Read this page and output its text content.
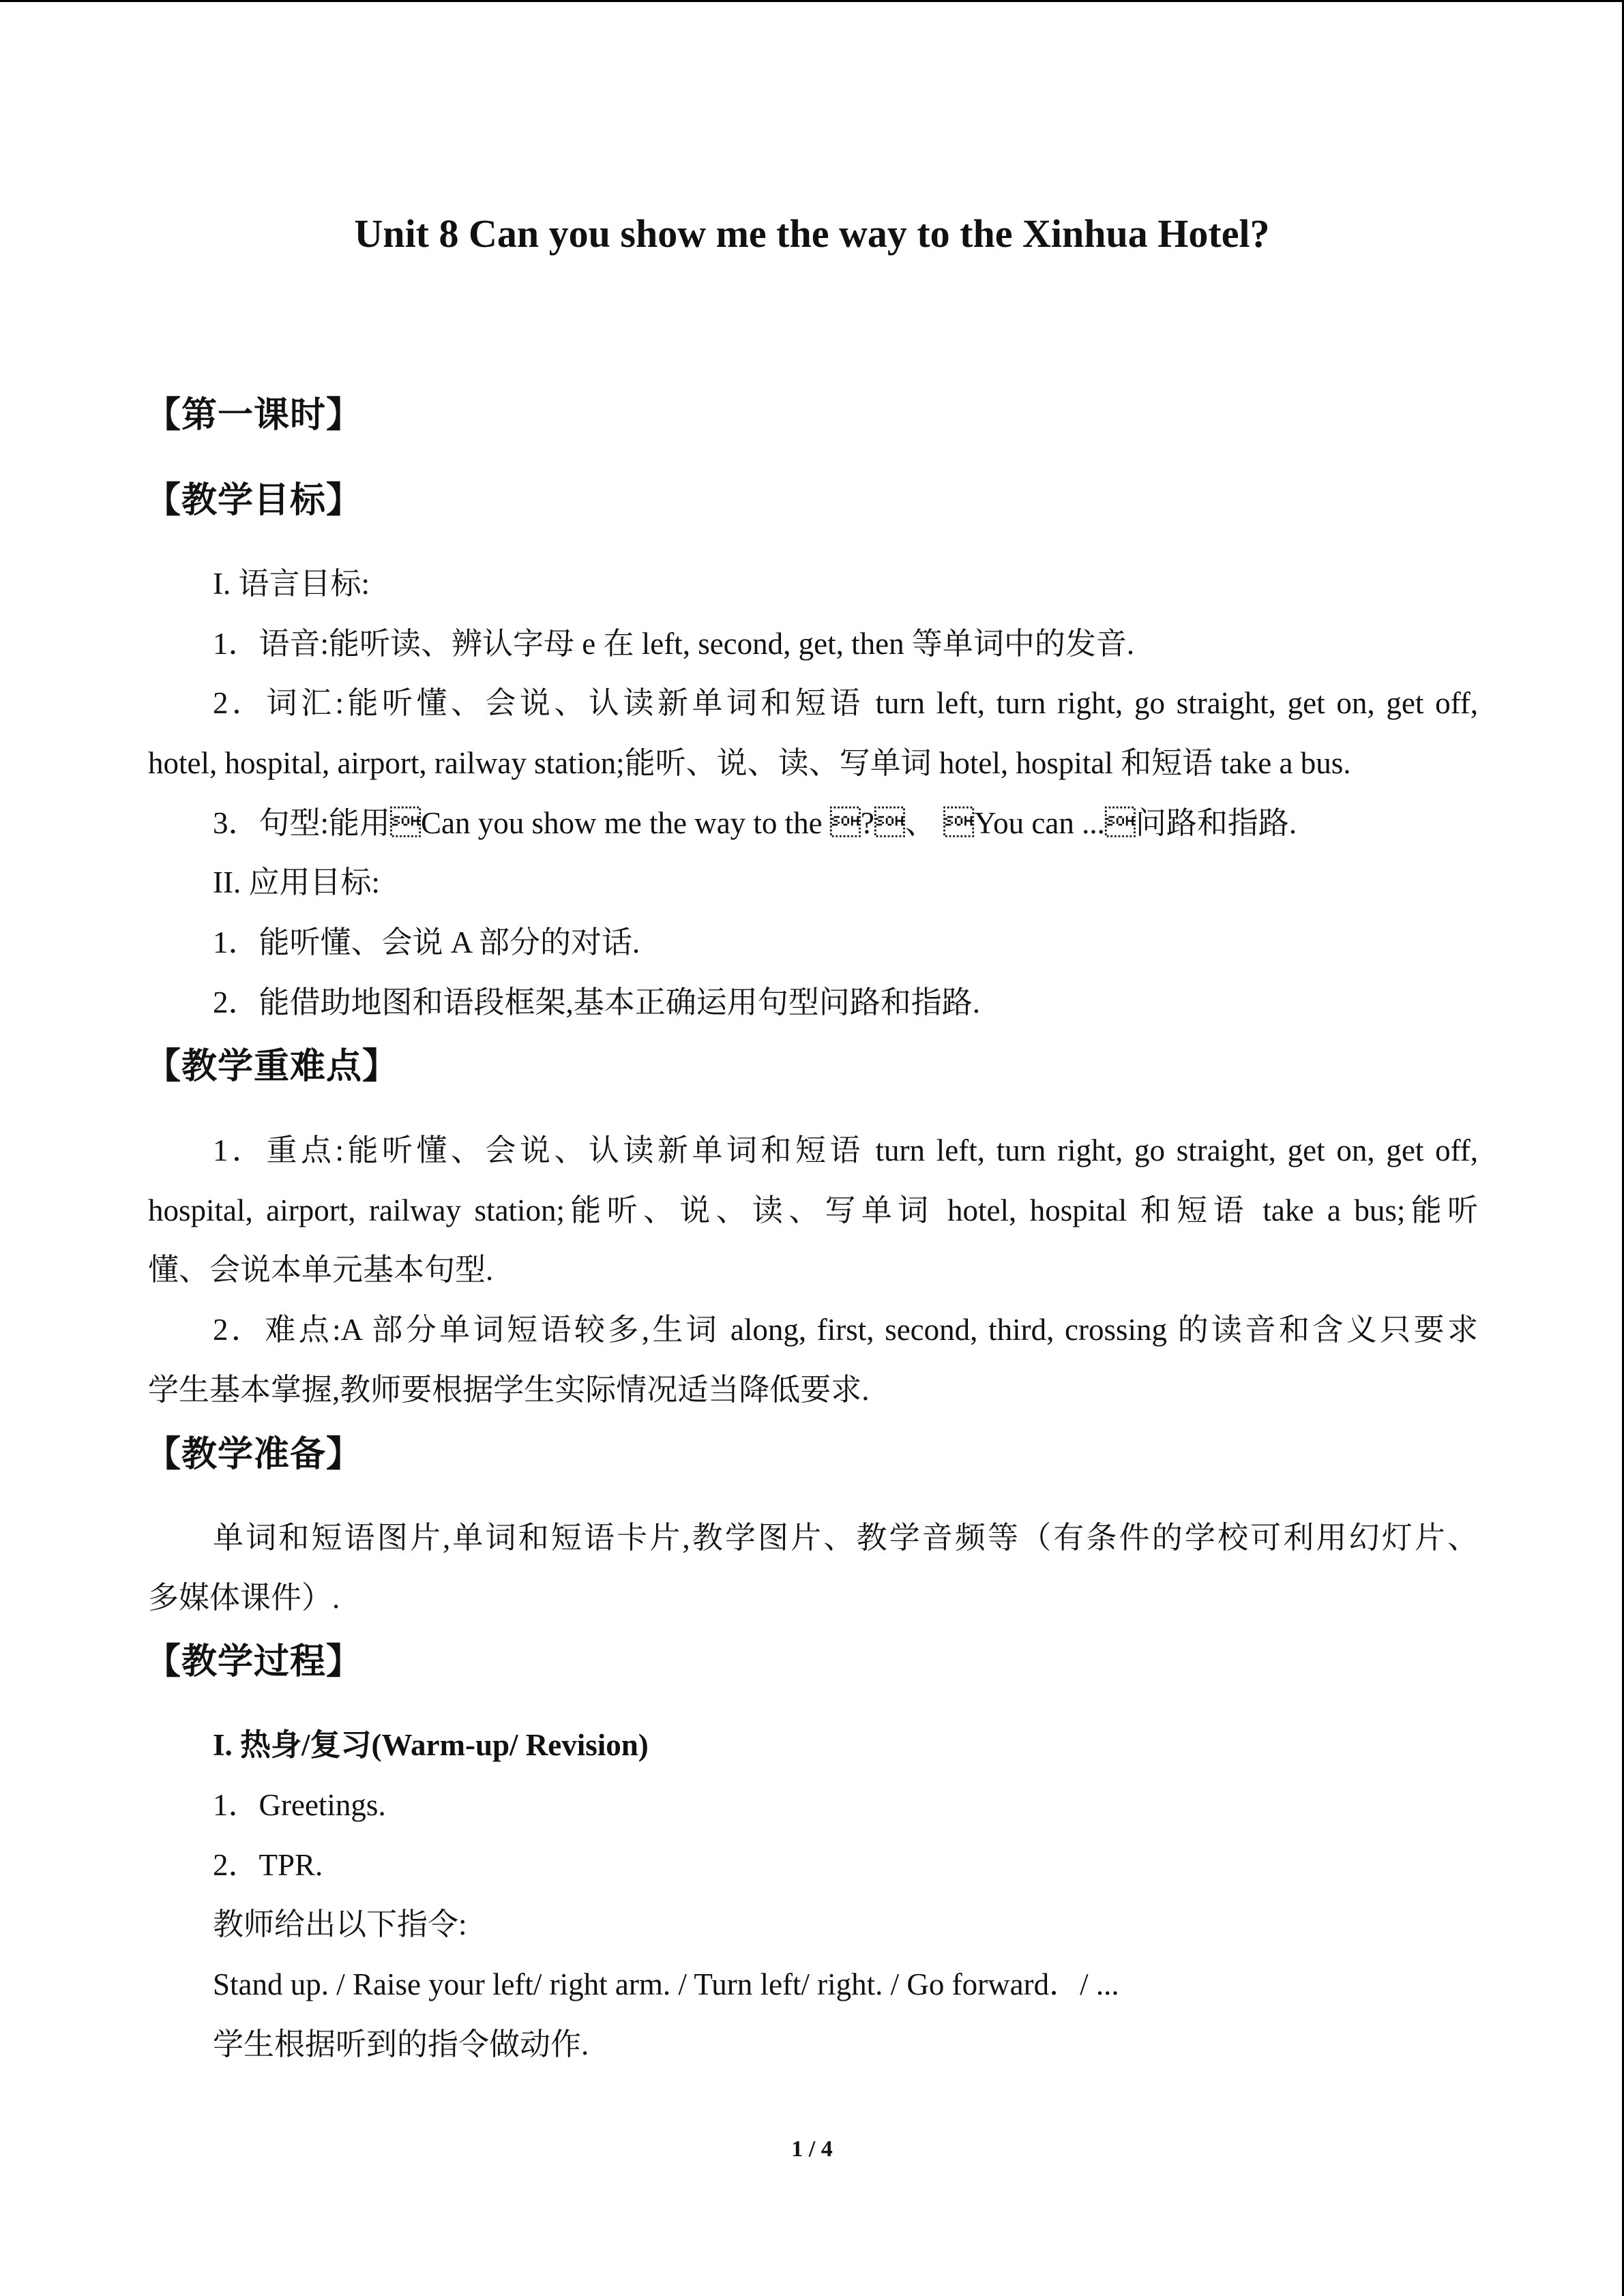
Unit 8 Can you show me the way to the Xinhua Hotel?
【第一课时】
【教学目标】
I. 语言目标:
1．语音:能听读、辨认字母 e 在 left, second, get, then 等单词中的发音.
2．词汇:能听懂、会说、认读新单词和短语 turn left, turn right, go straight, get on, get off,
hotel, hospital, airport, railway station;能听、说、读、写单词 hotel, hospital 和短语 take a bus.
3．句型:能用Can you show me the way to the ?、 You can ...问路和指路.
II. 应用目标:
1．能听懂、会说 A 部分的对话.
2．能借助地图和语段框架,基本正确运用句型问路和指路.
【教学重难点】
1．重点:能听懂、会说、认读新单词和短语 turn left, turn right, go straight, get on, get off,
hospital, airport, railway station;能听、说、读、写单词 hotel, hospital 和短语 take a bus;能听
懂、会说本单元基本句型.
2．难点:A 部分单词短语较多,生词 along, first, second, third, crossing 的读音和含义只要求
学生基本掌握,教师要根据学生实际情况适当降低要求.
【教学准备】
单词和短语图片,单词和短语卡片,教学图片、教学音频等（有条件的学校可利用幻灯片、
多媒体课件）.
【教学过程】
I. 热身/复习(Warm-up/ Revision)
1．Greetings.
2．TPR.
教师给出以下指令:
Stand up. / Raise your left/ right arm. / Turn left/ right. / Go forward．/ ...
学生根据听到的指令做动作.
1 / 4
